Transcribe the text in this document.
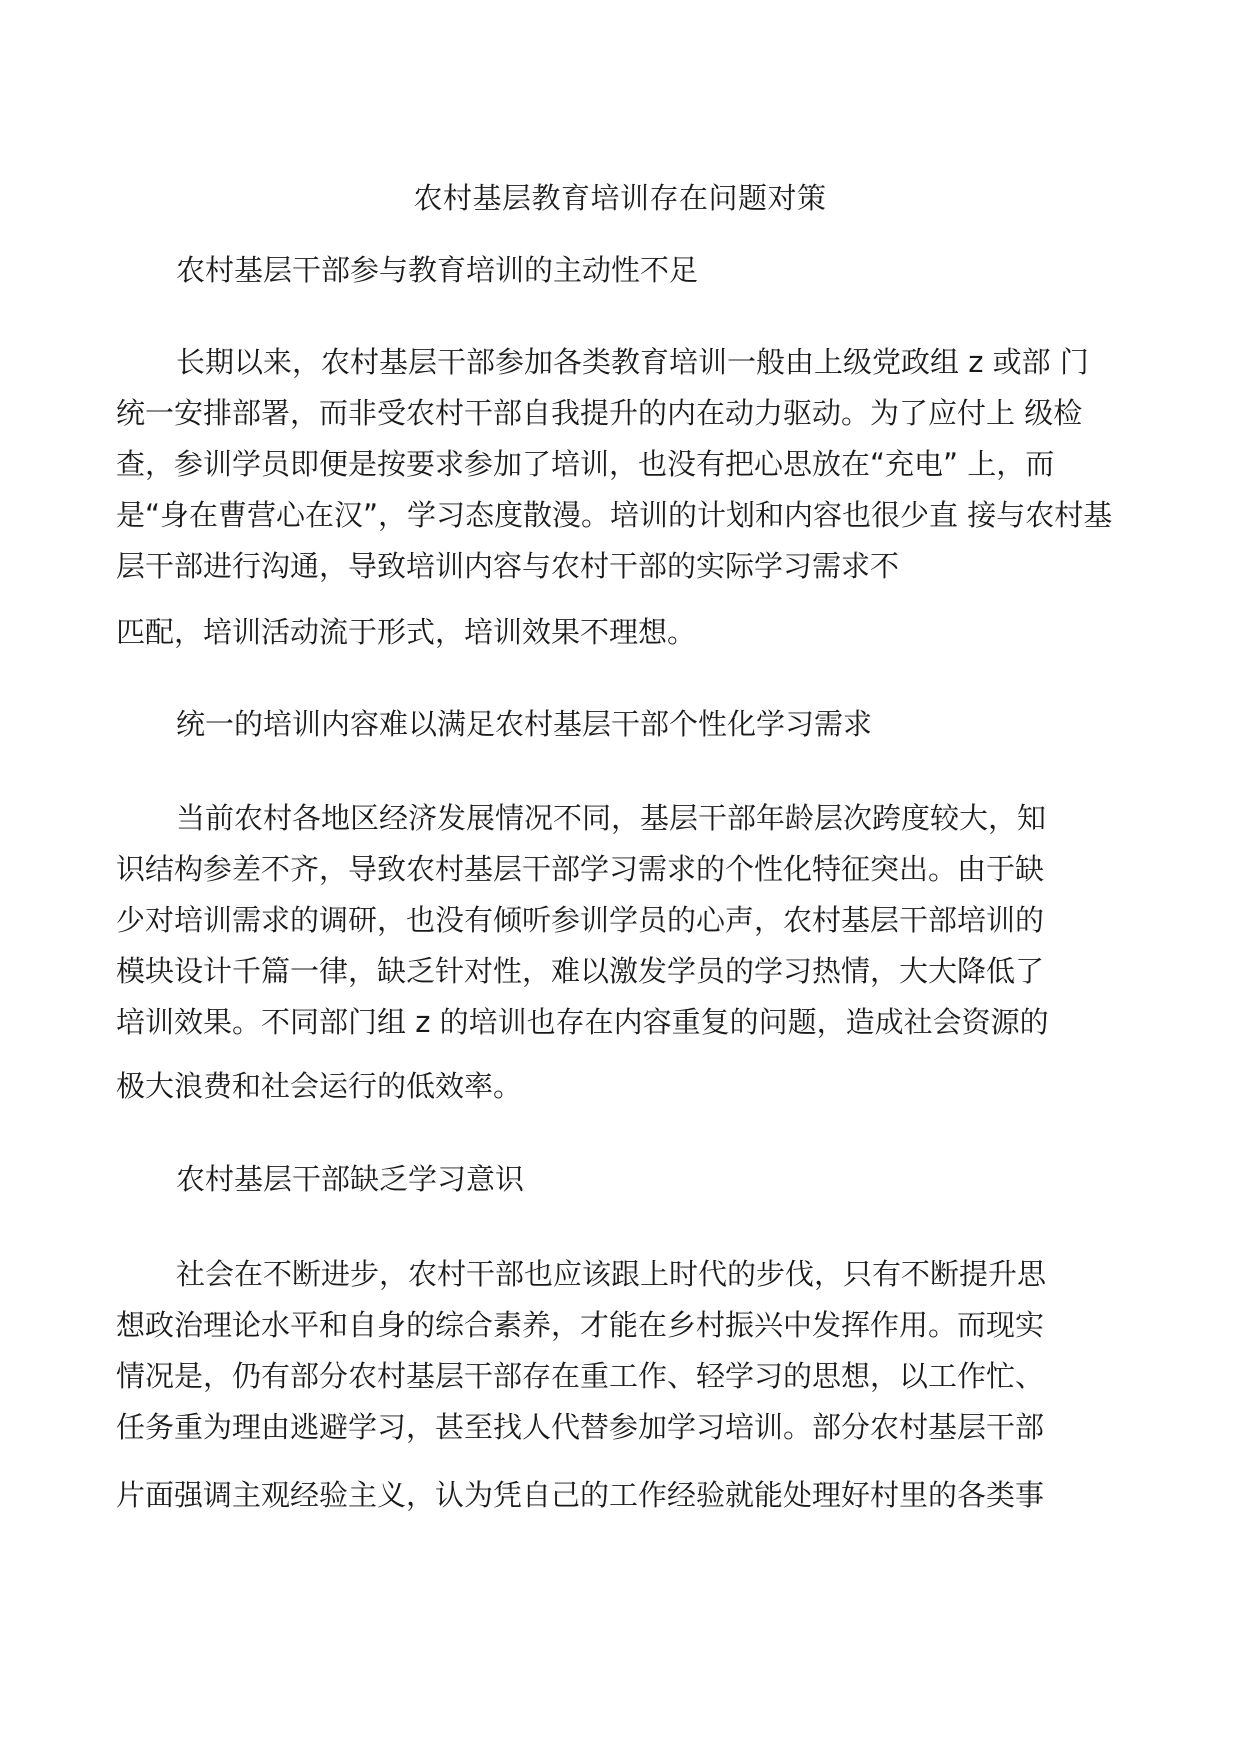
农村基层教育培训存在问题对策
农村基层干部参与教育培训的主动性不足
长期以来，农村基层干部参加各类教育培训一般由上级党政组 z 或部 门
统一安排部署，而非受农村干部自我提升的内在动力驱动。为了应付上 级检
查，参训学员即便是按要求参加了培训，也没有把心思放在“充电” 上，而
是“身在曹营心在汉”，学习态度散漫。培训的计划和内容也很少直 接与农村基
层干部进行沟通，导致培训内容与农村干部的实际学习需求不
匹配，培训活动流于形式，培训效果不理想。
统一的培训内容难以满足农村基层干部个性化学习需求
当前农村各地区经济发展情况不同，基层干部年龄层次跨度较大，知
识结构参差不齐，导致农村基层干部学习需求的个性化特征突出。由于缺
少对培训需求的调研，也没有倾听参训学员的心声，农村基层干部培训的
模块设计千篇一律，缺乏针对性，难以激发学员的学习热情，大大降低了
培训效果。不同部门组 z 的培训也存在内容重复的问题，造成社会资源的
极大浪费和社会运行的低效率。
农村基层干部缺乏学习意识
社会在不断进步，农村干部也应该跟上时代的步伐，只有不断提升思
想政治理论水平和自身的综合素养，才能在乡村振兴中发挥作用。而现实
情况是，仍有部分农村基层干部存在重工作、轻学习的思想，以工作忙、
任务重为理由逃避学习，甚至找人代替参加学习培训。部分农村基层干部
片面强调主观经验主义，认为凭自己的工作经验就能处理好村里的各类事
